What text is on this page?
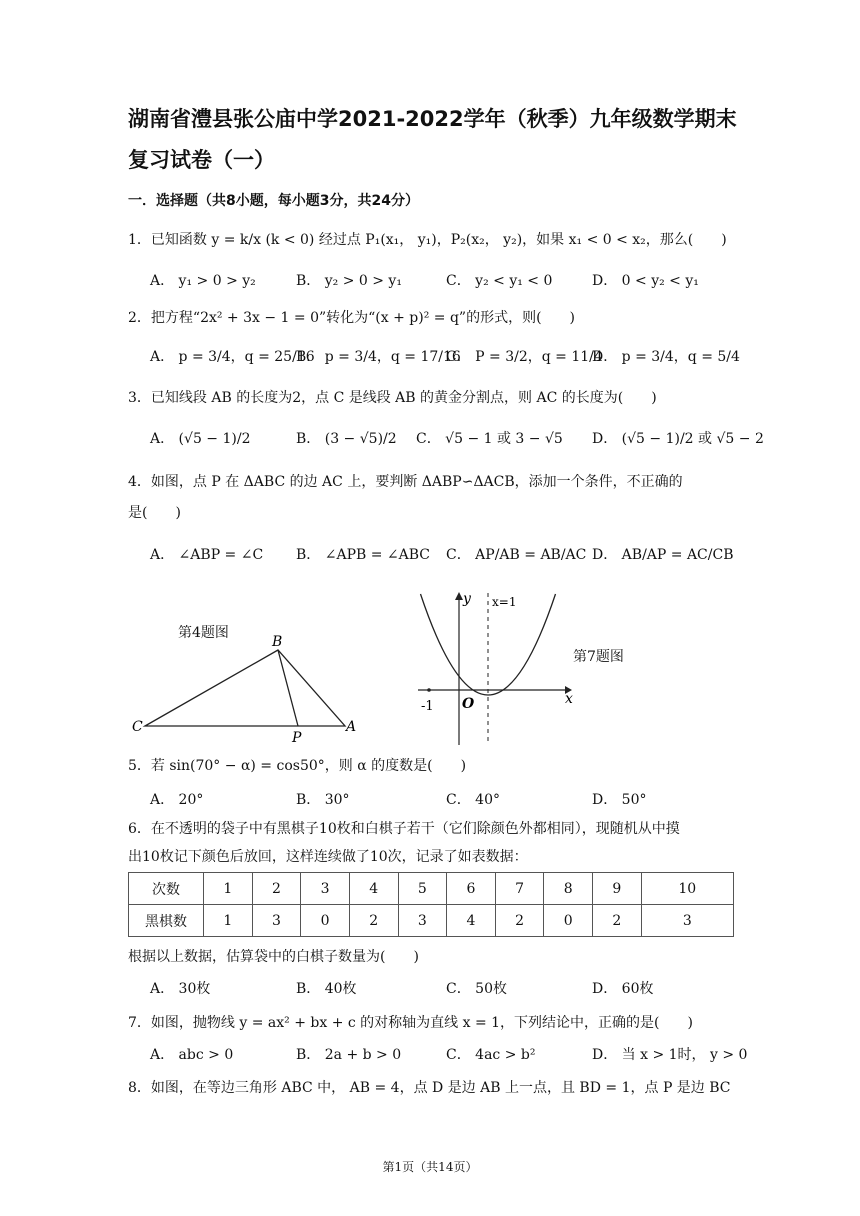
湖南省澧县张公庙中学2021-2022学年（秋季）九年级数学期末
复习试卷（一）
一．选择题（共8小题，每小题3分，共24分）
1．已知函数 y = k/x (k < 0) 经过点 P₁(x₁， y₁)，P₂(x₂， y₂)，如果 x₁ < 0 < x₂，那么(　　)
A． y₁ > 0 > y₂	B． y₂ > 0 > y₁	C． y₂ < y₁ < 0	D． 0 < y₂ < y₁
2．把方程“2x² + 3x − 1 = 0”转化为“(x + p)² = q”的形式，则(　　)
A． p = 3/4，q = 25/16
B． p = 3/4，q = 17/16
C． P = 3/2，q = 11/4
D． p = 3/4，q = 5/4
3．已知线段 AB 的长度为2，点 C 是线段 AB 的黄金分割点，则 AC 的长度为(　　)
A． (√5 − 1)/2	B． (3 − √5)/2 C． √5 − 1 或 3 − √5 D． (√5 − 1)/2 或 √5 − 2
4．如图，点 P 在 ΔABC 的边 AC 上，要判断 ΔABP∽ΔACB，添加一个条件，不正确的
是(　　)
A． ∠ABP = ∠C B． ∠APB = ∠ABC C． AP/AB = AB/AC D． AB/AP = AC/CB
第4题图
B
C
P
A
第7题图
y
x
x=1
-1 O
5．若 sin(70° − α) = cos50°，则 α 的度数是(　　)
A． 20°	B． 30°	C． 40°	D． 50°
6．在不透明的袋子中有黑棋子10枚和白棋子若干（它们除颜色外都相同），现随机从中摸
出10枚记下颜色后放回，这样连续做了10次，记录了如表数据：
次数	1	2	3	4	5	6	7	8	9	10
黑棋数	1	3	0	2	3	4	2	0	2	3
根据以上数据，估算袋中的白棋子数量为(　　)
A． 30枚	B． 40枚	C． 50枚	D． 60枚
7．如图，抛物线 y = ax² + bx + c 的对称轴为直线 x = 1，下列结论中，正确的是(　　)
A． abc > 0	B． 2a + b > 0	C． 4ac > b²	D． 当 x > 1时， y > 0
8．如图，在等边三角形 ABC 中， AB = 4，点 D 是边 AB 上一点，且 BD = 1，点 P 是边 BC
第1页（共14页）
